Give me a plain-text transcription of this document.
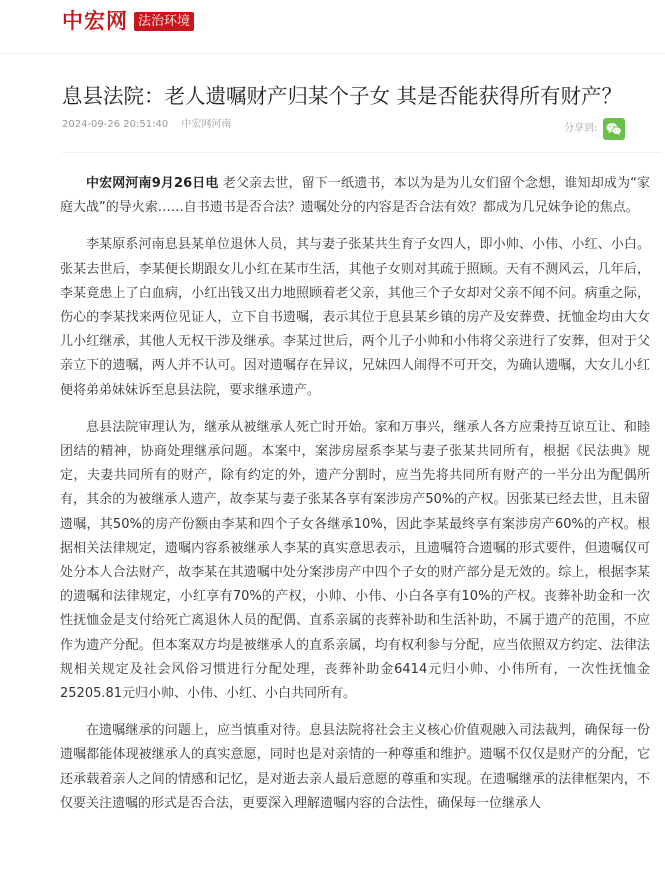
中宏网 法治环境
息县法院：老人遗嘱财产归某个子女 其是否能获得所有财产？
2024-09-26 20:51:40 中宏网河南	分享到:

中宏网河南9月26日电 老父亲去世，留下一纸遗书，本以为是为儿女们留个念想，谁知却成为“家庭大战”的导火索……自书遗书是否合法？遗嘱处分的内容是否合法有效？都成为几兄妹争论的焦点。

李某原系河南息县某单位退休人员，其与妻子张某共生育子女四人，即小帅、小伟、小红、小白。张某去世后，李某便长期跟女儿小红在某市生活，其他子女则对其疏于照顾。天有不测风云，几年后，李某竟患上了白血病，小红出钱又出力地照顾着老父亲，其他三个子女却对父亲不闻不问。病重之际，伤心的李某找来两位见证人，立下自书遗嘱，表示其位于息县某乡镇的房产及安葬费、抚恤金均由大女儿小红继承，其他人无权干涉及继承。李某过世后，两个儿子小帅和小伟将父亲进行了安葬，但对于父亲立下的遗嘱，两人并不认可。因对遗嘱存在异议，兄妹四人闹得不可开交，为确认遗嘱，大女儿小红便将弟弟妹妹诉至息县法院，要求继承遗产。

息县法院审理认为，继承从被继承人死亡时开始。家和万事兴，继承人各方应秉持互谅互让、和睦团结的精神，协商处理继承问题。本案中，案涉房屋系李某与妻子张某共同所有，根据《民法典》规定，夫妻共同所有的财产，除有约定的外，遗产分割时，应当先将共同所有财产的一半分出为配偶所有，其余的为被继承人遗产，故李某与妻子张某各享有案涉房产50%的产权。因张某已经去世，且未留遗嘱，其50%的房产份额由李某和四个子女各继承10%，因此李某最终享有案涉房产60%的产权。根据相关法律规定，遗嘱内容系被继承人李某的真实意思表示，且遗嘱符合遗嘱的形式要件，但遗嘱仅可处分本人合法财产，故李某在其遗嘱中处分案涉房产中四个子女的财产部分是无效的。综上，根据李某的遗嘱和法律规定，小红享有70%的产权，小帅、小伟、小白各享有10%的产权。丧葬补助金和一次性抚恤金是支付给死亡离退休人员的配偶、直系亲属的丧葬补助和生活补助，不属于遗产的范围，不应作为遗产分配。但本案双方均是被继承人的直系亲属，均有权利参与分配，应当依照双方约定、法律法规相关规定及社会风俗习惯进行分配处理，丧葬补助金6414元归小帅、小伟所有，一次性抚恤金25205.81元归小帅、小伟、小红、小白共同所有。

在遗嘱继承的问题上，应当慎重对待。息县法院将社会主义核心价值观融入司法裁判，确保每一份遗嘱都能体现被继承人的真实意愿，同时也是对亲情的一种尊重和维护。遗嘱不仅仅是财产的分配，它还承载着亲人之间的情感和记忆，是对逝去亲人最后意愿的尊重和实现。在遗嘱继承的法律框架内，不仅要关注遗嘱的形式是否合法，更要深入理解遗嘱内容的合法性，确保每一位继承人
